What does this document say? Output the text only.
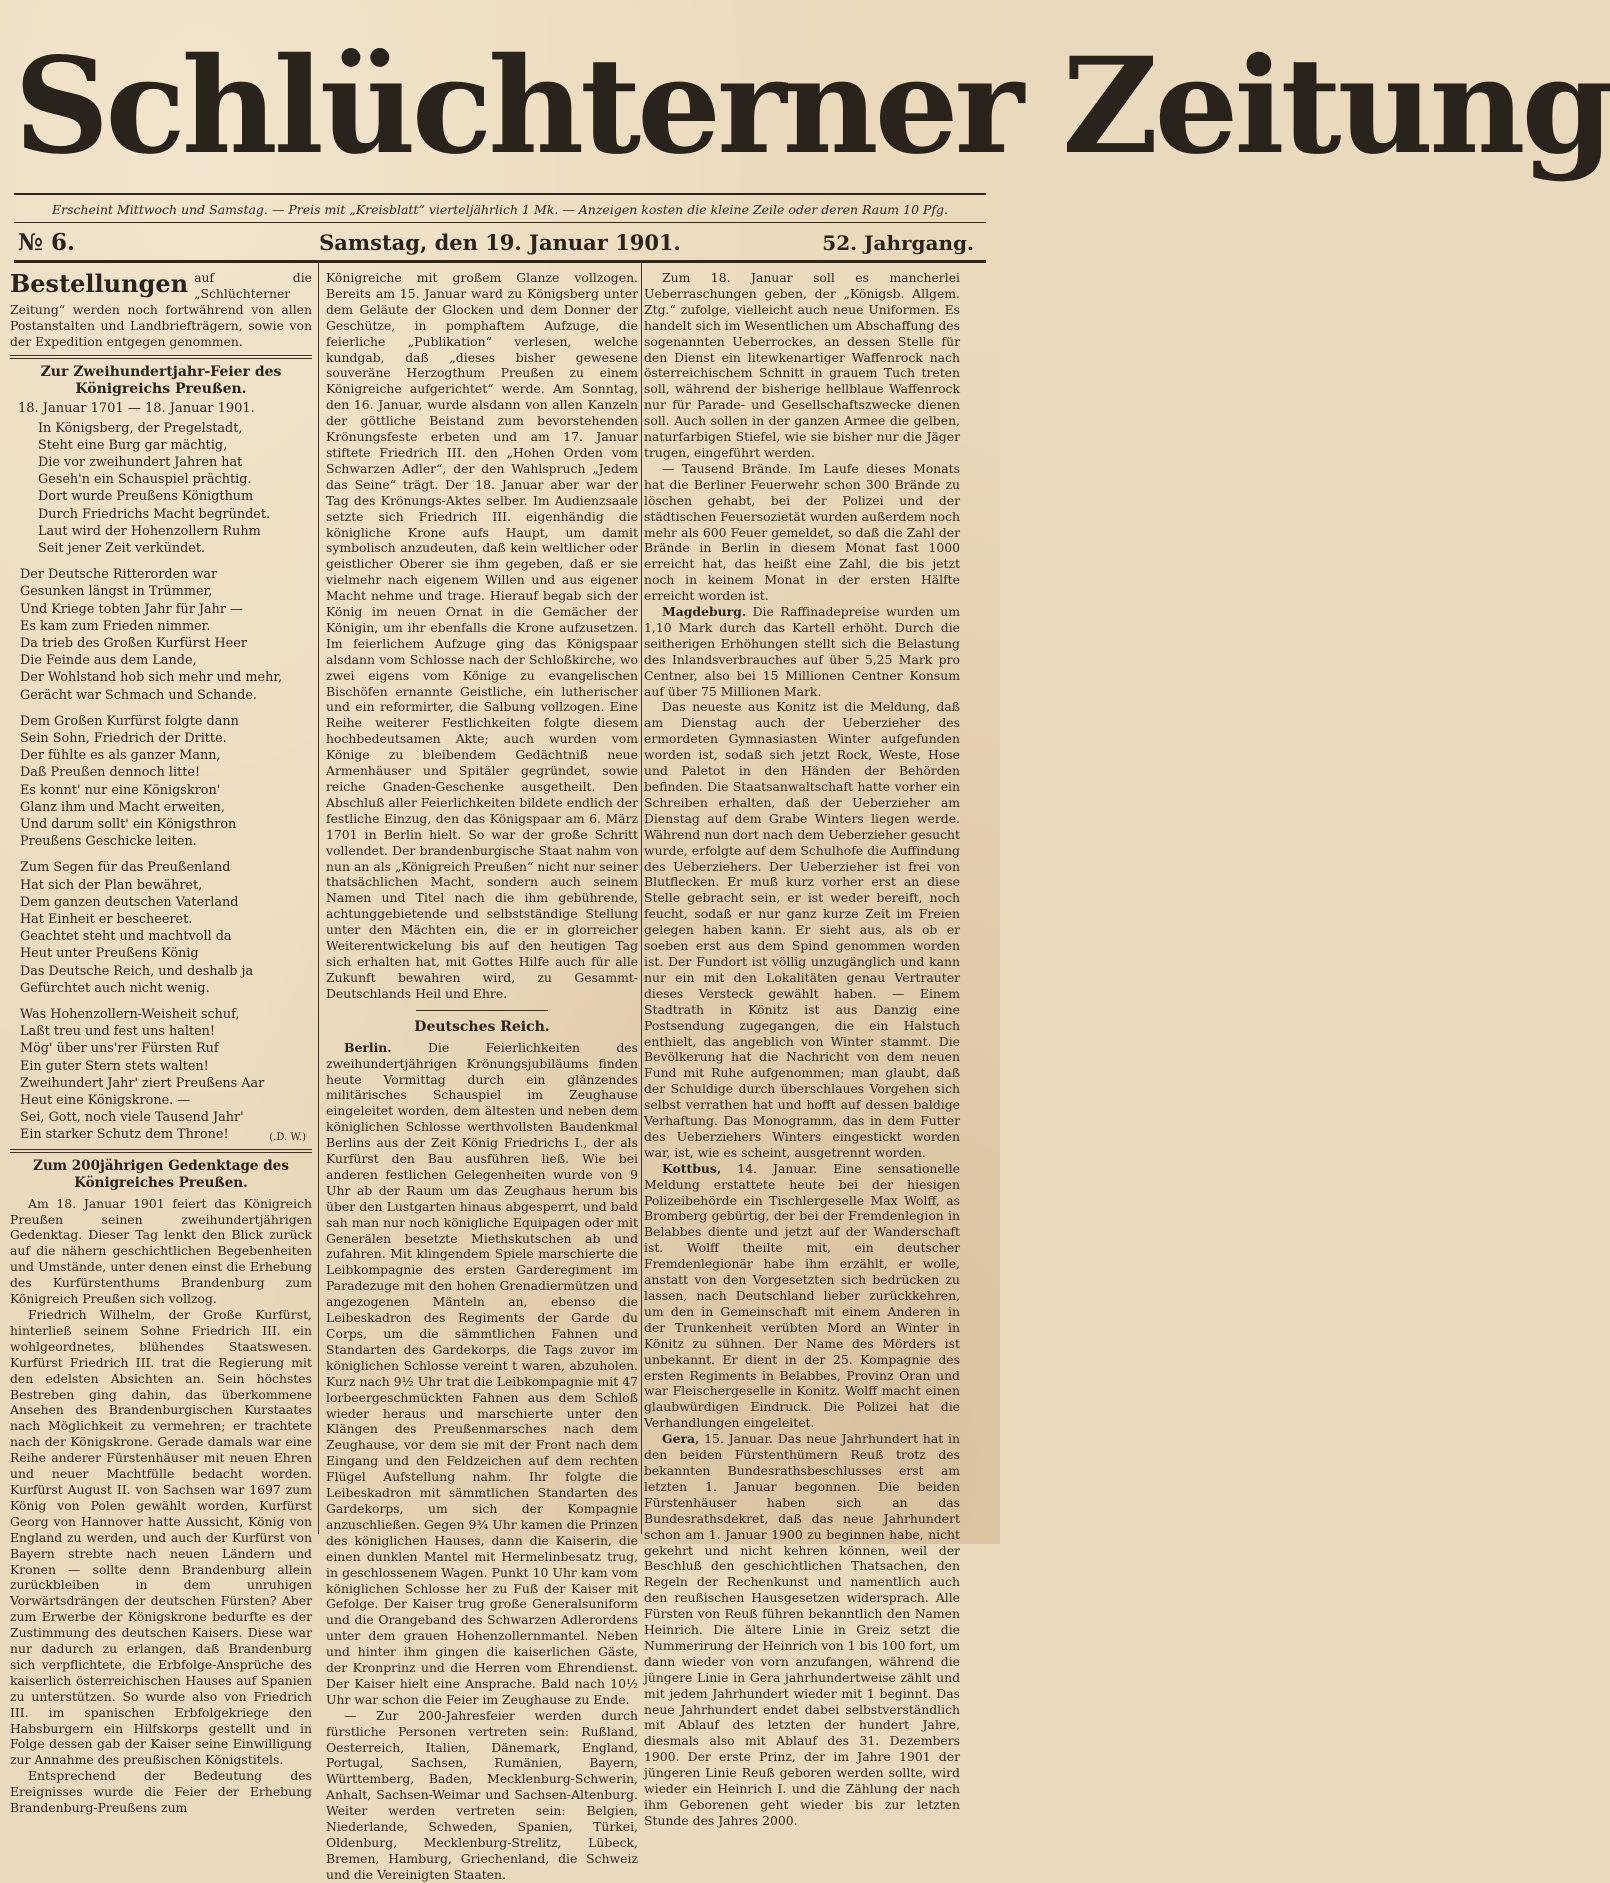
Schlüchterner Zeitung
Erscheint Mittwoch und Samstag. — Preis mit „Kreisblatt“ vierteljährlich 1 Mk. — Anzeigen kosten die kleine Zeile oder deren Raum 10 Pfg.
№ 6.	Samstag, den 19. Januar 1901.	52. Jahrgang.

Bestellungen auf die „Schlüchterner Zeitung“ werden noch fortwährend von allen Postanstalten und Landbriefträgern, sowie von der Expedition entgegen genommen.

Zur Zweihundertjahr-Feier des Königreichs Preußen.

18. Januar 1701 — 18. Januar 1901.

In Königsberg, der Pregelstadt,
Steht eine Burg gar mächtig,
Die vor zweihundert Jahren hat
Geseh'n ein Schauspiel prächtig.
Dort wurde Preußens Königthum
Durch Friedrichs Macht begründet.
Laut wird der Hohenzollern Ruhm
Seit jener Zeit verkündet.

Der Deutsche Ritterorden war
Gesunken längst in Trümmer,
Und Kriege tobten Jahr für Jahr —
Es kam zum Frieden nimmer.
Da trieb des Großen Kurfürst Heer
Die Feinde aus dem Lande,
Der Wohlstand hob sich mehr und mehr,
Gerächt war Schmach und Schande.

Dem Großen Kurfürst folgte dann
Sein Sohn, Friedrich der Dritte.
Der fühlte es als ganzer Mann,
Daß Preußen dennoch litte!
Es konnt' nur eine Königskron'
Glanz ihm und Macht erweiten,
Und darum sollt' ein Königsthron
Preußens Geschicke leiten.

Zum Segen für das Preußenland
Hat sich der Plan bewähret,
Dem ganzen deutschen Vaterland
Hat Einheit er bescheeret.
Geachtet steht und machtvoll da
Heut unter Preußens König
Das Deutsche Reich, und deshalb ja
Gefürchtet auch nicht wenig.

Was Hohenzollern-Weisheit schuf,
Laßt treu und fest uns halten!
Mög' über uns'rer Fürsten Ruf
Ein guter Stern stets walten!
Zweihundert Jahr' ziert Preußens Aar
Heut eine Königskrone. —
Sei, Gott, noch viele Tausend Jahr'
Ein starker Schutz dem Throne!	(.D. W.)

Zum 200jährigen Gedenktage des Königreiches Preußen.

Am 18. Januar 1901 feiert das Königreich Preußen seinen zweihundertjährigen Gedenktag. Dieser Tag lenkt den Blick zurück auf die nähern geschichtlichen Begebenheiten und Umstände, unter denen einst die Erhebung des Kurfürstenthums Brandenburg zum Königreich Preußen sich vollzog.

Friedrich Wilhelm, der Große Kurfürst, hinterließ seinem Sohne Friedrich III. ein wohlgeordnetes, blühendes Staatswesen. Kurfürst Friedrich III. trat die Regierung mit den edelsten Absichten an. Sein höchstes Bestreben ging dahin, das überkommene Ansehen des Brandenburgischen Kurstaates nach Möglichkeit zu vermehren; er trachtete nach der Königskrone. Gerade damals war eine Reihe anderer Fürstenhäuser mit neuen Ehren und neuer Machtfülle bedacht worden. Kurfürst August II. von Sachsen war 1697 zum König von Polen gewählt worden, Kurfürst Georg von Hannover hatte Aussicht, König von England zu werden, und auch der Kurfürst von Bayern strebte nach neuen Ländern und Kronen — sollte denn Brandenburg allein zurückbleiben in dem unruhigen Vorwärtsdrängen der deutschen Fürsten? Aber zum Erwerbe der Königskrone bedurfte es der Zustimmung des deutschen Kaisers. Diese war nur dadurch zu erlangen, daß Brandenburg sich verpflichtete, die Erbfolge-Ansprüche des kaiserlich österreichischen Hauses auf Spanien zu unterstützen. So wurde also von Friedrich III. im spanischen Erbfolgekriege den Habsburgern ein Hilfskorps gestellt und in Folge dessen gab der Kaiser seine Einwilligung zur Annahme des preußischen Königstitels.

Entsprechend der Bedeutung des Ereignisses wurde die Feier der Erhebung Brandenburg-Preußens zum

Königreiche mit großem Glanze vollzogen. Bereits am 15. Januar ward zu Königsberg unter dem Geläute der Glocken und dem Donner der Geschütze, in pomphaftem Aufzuge, die feierliche „Publikation“ verlesen, welche kundgab, daß „dieses bisher gewesene souveräne Herzogthum Preußen zu einem Königreiche aufgerichtet“ werde. Am Sonntag, den 16. Januar, wurde alsdann von allen Kanzeln der göttliche Beistand zum bevorstehenden Krönungsfeste erbeten und am 17. Januar stiftete Friedrich III. den „Hohen Orden vom Schwarzen Adler“, der den Wahlspruch „Jedem das Seine“ trägt. Der 18. Januar aber war der Tag des Krönungs-Aktes selber. Im Audienzsaale setzte sich Friedrich III. eigenhändig die königliche Krone aufs Haupt, um damit symbolisch anzudeuten, daß kein weltlicher oder geistlicher Oberer sie ihm gegeben, daß er sie vielmehr nach eigenem Willen und aus eigener Macht nehme und trage. Hierauf begab sich der König im neuen Ornat in die Gemächer der Königin, um ihr ebenfalls die Krone aufzusetzen. Im feierlichem Aufzuge ging das Königspaar alsdann vom Schlosse nach der Schloßkirche, wo zwei eigens vom Könige zu evangelischen Bischöfen ernannte Geistliche, ein lutherischer und ein reformirter, die Salbung vollzogen. Eine Reihe weiterer Festlichkeiten folgte diesem hochbedeutsamen Akte; auch wurden vom Könige zu bleibendem Gedächtniß neue Armenhäuser und Spitäler gegründet, sowie reiche Gnaden-Geschenke ausgetheilt. Den Abschluß aller Feierlichkeiten bildete endlich der festliche Einzug, den das Königspaar am 6. März 1701 in Berlin hielt. So war der große Schritt vollendet. Der brandenburgische Staat nahm von nun an als „Königreich Preußen“ nicht nur seiner thatsächlichen Macht, sondern auch seinem Namen und Titel nach die ihm gebührende, achtunggebietende und selbstständige Stellung unter den Mächten ein, die er in glorreicher Weiterentwickelung bis auf den heutigen Tag sich erhalten hat, mit Gottes Hilfe auch für alle Zukunft bewahren wird, zu Gesammt-Deutschlands Heil und Ehre.

Deutsches Reich.

Berlin.	Die Feierlichkeiten des zweihundertjährigen Krönungsjubiläums finden heute Vormittag durch ein glänzendes militärisches Schauspiel im Zeughause eingeleitet worden, dem ältesten und neben dem königlichen Schlosse werthvollsten Baudenkmal Berlins aus der Zeit König Friedrichs I., der als Kurfürst den Bau ausführen ließ. Wie bei anderen festlichen Gelegenheiten wurde von 9 Uhr ab der Raum um das Zeughaus herum bis über den Lustgarten hinaus abgesperrt, und bald sah man nur noch königliche Equipagen oder mit Generälen besetzte Miethskutschen ab und zufahren. Mit klingendem Spiele marschierte die Leibkompagnie des ersten Garderegiment im Paradezuge mit den hohen Grenadiermützen und angezogenen Mänteln an, ebenso die Leibeskadron des Regiments der Garde du Corps, um die sämmtlichen Fahnen und Standarten des Gardekorps, die Tags zuvor im königlichen Schlosse vereint t waren, abzuholen. Kurz nach 9½ Uhr trat die Leibkompagnie mit 47 lorbeergeschmückten Fahnen aus dem Schloß wieder heraus und marschierte unter den Klängen des Preußenmarsches nach dem Zeughause, vor dem sie mit der Front nach dem Eingang und den Feldzeichen auf dem rechten Flügel Aufstellung nahm. Ihr folgte die Leibeskadron mit sämmtlichen Standarten des Gardekorps, um sich der Kompagnie anzuschließen. Gegen 9¾ Uhr kamen die Prinzen des königlichen Hauses, dann die Kaiserin, die einen dunklen Mantel mit Hermelinbesatz trug, in geschlossenem Wagen. Punkt 10 Uhr kam vom königlichen Schlosse her zu Fuß der Kaiser mit Gefolge. Der Kaiser trug große Generalsuniform und die Orangeband des Schwarzen Adlerordens unter dem grauen Hohenzollernmantel. Neben und hinter ihm gingen die kaiserlichen Gäste, der Kronprinz und die Herren vom Ehrendienst. Der Kaiser hielt eine Ansprache. Bald nach 10½ Uhr war schon die Feier im Zeughause zu Ende.

— Zur 200-Jahresfeier werden durch fürstliche Personen vertreten sein: Rußland, Oesterreich, Italien, Dänemark, England, Portugal, Sachsen, Rumänien, Bayern, Württemberg, Baden, Mecklenburg-Schwerin, Anhalt, Sachsen-Weimar und Sachsen-Altenburg. Weiter werden vertreten sein: Belgien, Niederlande, Schweden, Spanien, Türkei, Oldenburg, Mecklenburg-Strelitz, Lübeck, Bremen, Hamburg, Griechenland, die Schweiz und die Vereinigten Staaten.

Zum 18. Januar soll es mancherlei Ueberraschungen geben, der „Königsb. Allgem. Ztg.“ zufolge, vielleicht auch neue Uniformen. Es handelt sich im Wesentlichen um Abschaffung des sogenannten Ueberrockes, an dessen Stelle für den Dienst ein litewkenartiger Waffenrock nach österreichischem Schnitt in grauem Tuch treten soll, während der bisherige hellblaue Waffenrock nur für Parade- und Gesellschaftszwecke dienen soll. Auch sollen in der ganzen Armee die gelben, naturfarbigen Stiefel, wie sie bisher nur die Jäger trugen, eingeführt werden.

— Tausend Brände. Im Laufe dieses Monats hat die Berliner Feuerwehr schon 300 Brände zu löschen gehabt, bei der Polizei und der städtischen Feuersozietät wurden außerdem noch mehr als 600 Feuer gemeldet, so daß die Zahl der Brände in Berlin in diesem Monat fast 1000 erreicht hat, das heißt eine Zahl, die bis jetzt noch in keinem Monat in der ersten Hälfte erreicht worden ist.

Magdeburg. Die Raffinadepreise wurden um 1,10 Mark durch das Kartell erhöht. Durch die seitherigen Erhöhungen stellt sich die Belastung des Inlandsverbrauches auf über 5,25 Mark pro Centner, also bei 15 Millionen Centner Konsum auf über 75 Millionen Mark.

Das neueste aus Konitz ist die Meldung, daß am Dienstag auch der Ueberzieher des ermordeten Gymnasiasten Winter aufgefunden worden ist, sodaß sich jetzt Rock, Weste, Hose und Paletot in den Händen der Behörden befinden. Die Staatsanwaltschaft hatte vorher ein Schreiben erhalten, daß der Ueberzieher am Dienstag auf dem Grabe Winters liegen werde. Während nun dort nach dem Ueberzieher gesucht wurde, erfolgte auf dem Schulhofe die Auffindung des Ueberziehers. Der Ueberzieher ist frei von Blutflecken. Er muß kurz vorher erst an diese Stelle gebracht sein, er ist weder bereift, noch feucht, sodaß er nur ganz kurze Zeit im Freien gelegen haben kann. Er sieht aus, als ob er soeben erst aus dem Spind genommen worden ist. Der Fundort ist völlig unzugänglich und kann nur ein mit den Lokalitäten genau Vertrauter dieses Versteck gewählt haben. — Einem Stadtrath in Könitz ist aus Danzig eine Postsendung zugegangen, die ein Halstuch enthielt, das angeblich von Winter stammt. Die Bevölkerung hat die Nachricht von dem neuen Fund mit Ruhe aufgenommen; man glaubt, daß der Schuldige durch überschlaues Vorgehen sich selbst verrathen hat und hofft auf dessen baldige Verhaftung. Das Monogramm, das in dem Futter des Ueberziehers Winters eingestickt worden war, ist, wie es scheint, ausgetrennt worden.

Kottbus, 14. Januar. Eine sensationelle Meldung erstattete heute bei der hiesigen Polizeibehörde ein Tischlergeselle Max Wolff, as Bromberg gebürtig, der bei der Fremdenlegion in Belabbes diente und jetzt auf der Wanderschaft ist. Wolff theilte mit, ein deutscher Fremdenlegionär habe ihm erzählt, er wolle, anstatt von den Vorgesetzten sich bedrücken zu lassen, nach Deutschland lieber zurückkehren, um den in Gemeinschaft mit einem Anderen in der Trunkenheit verübten Mord an Winter in Könitz zu sühnen. Der Name des Mörders ist unbekannt. Er dient in der 25. Kompagnie des ersten Regiments in Belabbes, Provinz Oran und war Fleischergeselle in Konitz. Wolff macht einen glaubwürdigen Eindruck. Die Polizei hat die Verhandlungen eingeleitet.

Gera, 15. Januar. Das neue Jahrhundert hat in den beiden Fürstenthümern Reuß trotz des bekannten Bundesrathsbeschlusses erst am letzten 1. Januar begonnen. Die beiden Fürstenhäuser haben sich an das Bundesrathsdekret, daß das neue Jahrhundert schon am 1. Januar 1900 zu beginnen habe, nicht gekehrt und nicht kehren können, weil der Beschluß den geschichtlichen Thatsachen, den Regeln der Rechenkunst und namentlich auch den reußischen Hausgesetzen widersprach. Alle Fürsten von Reuß führen bekanntlich den Namen Heinrich. Die ältere Linie in Greiz setzt die Nummerirung der Heinrich von 1 bis 100 fort, um dann wieder von vorn anzufangen, während die jüngere Linie in Gera jahrhundertweise zählt und mit jedem Jahrhundert wieder mit 1 beginnt. Das neue Jahrhundert endet dabei selbstverständlich mit Ablauf des letzten der hundert Jahre, diesmals also mit Ablauf des 31. Dezembers 1900. Der erste Prinz, der im Jahre 1901 der jüngeren Linie Reuß geboren werden sollte, wird wieder ein Heinrich I. und die Zählung der nach ihm Geborenen geht wieder bis zur letzten Stunde des Jahres 2000.
